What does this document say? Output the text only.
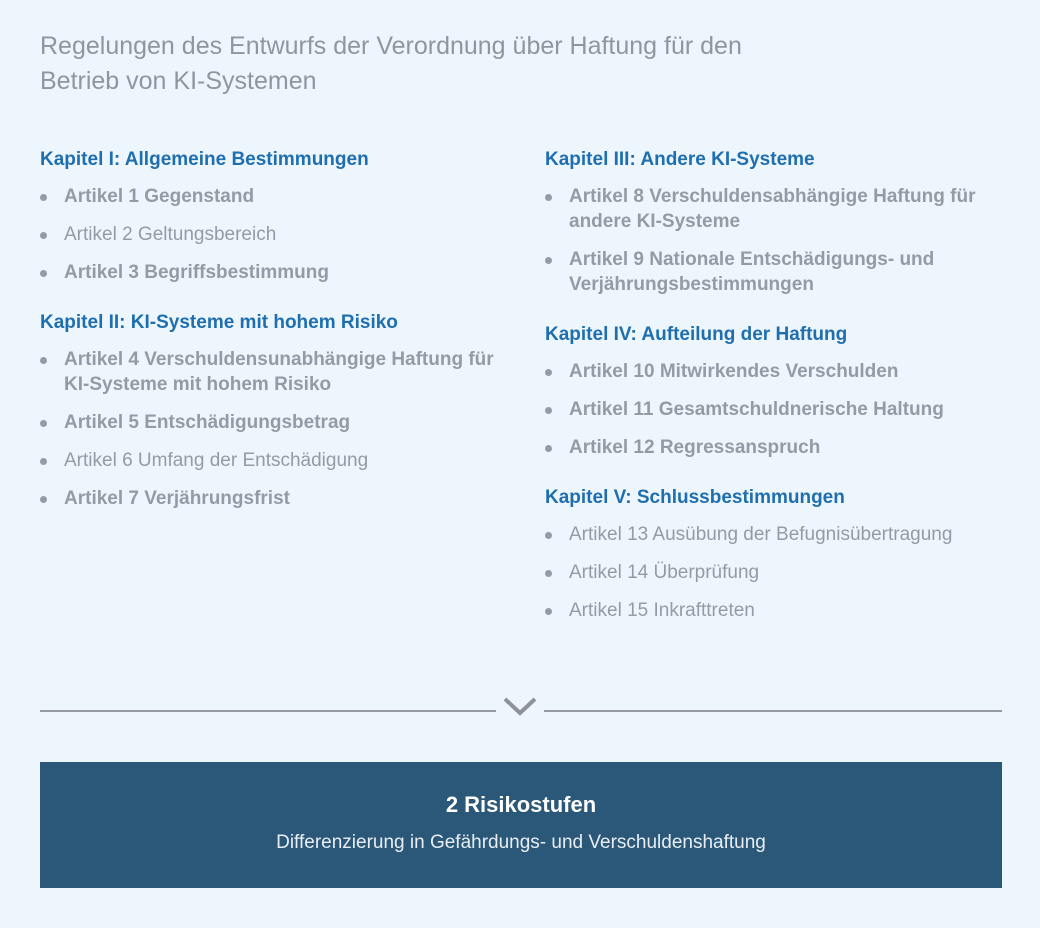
Regelungen des Entwurfs der Verordnung über Haftung für den Betrieb von KI-Systemen
Kapitel I: Allgemeine Bestimmungen
Artikel 1 Gegenstand
Artikel 2 Geltungsbereich
Artikel 3 Begriffsbestimmung
Kapitel II: KI-Systeme mit hohem Risiko
Artikel 4 Verschuldensunabhängige Haftung für KI-Systeme mit hohem Risiko
Artikel 5 Entschädigungsbetrag
Artikel 6 Umfang der Entschädigung
Artikel 7 Verjährungsfrist
Kapitel III: Andere KI-Systeme
Artikel 8 Verschuldensabhängige Haftung für andere KI-Systeme
Artikel 9 Nationale Entschädigungs- und Verjährungsbestimmungen
Kapitel IV: Aufteilung der Haftung
Artikel 10 Mitwirkendes Verschulden
Artikel 11 Gesamtschuldnerische Haltung
Artikel 12 Regressanspruch
Kapitel V: Schlussbestimmungen
Artikel 13 Ausübung der Befugnisübertragung
Artikel 14 Überprüfung
Artikel 15 Inkrafttreten
2 Risikostufen
Differenzierung in Gefährdungs- und Verschuldenshaftung
